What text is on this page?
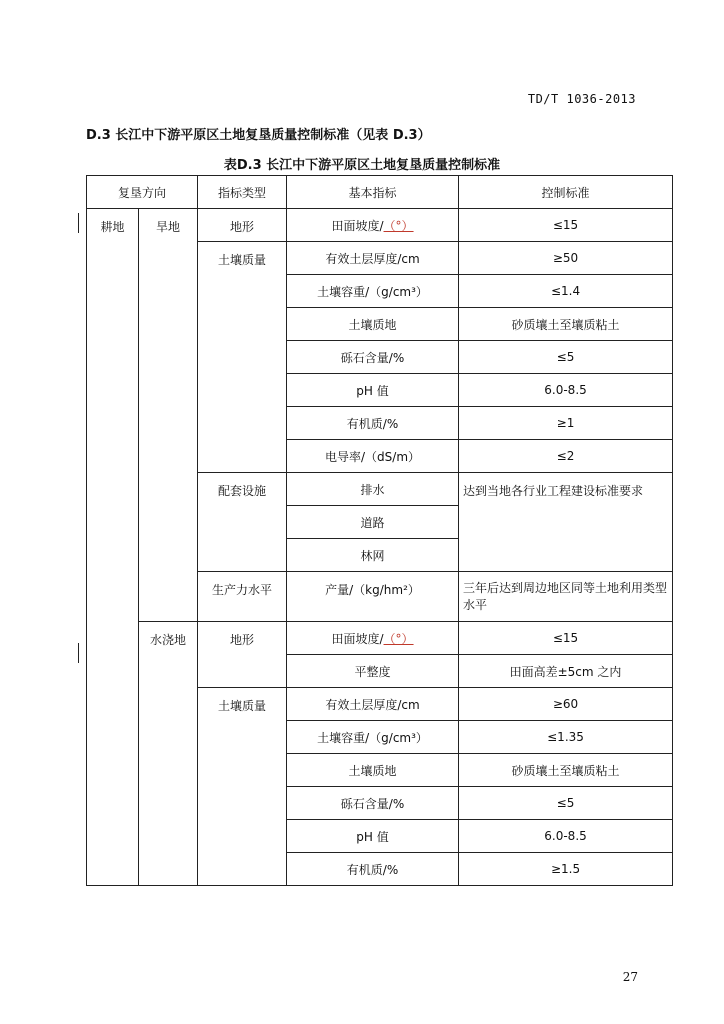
TD/T 1036-2013
D.3 长江中下游平原区土地复垦质量控制标准（见表 D.3）
表D.3 长江中下游平原区土地复垦质量控制标准
复垦方向		指标类型	基本指标	控制标准
耕地	旱地	地形	田面坡度/（°）	≤15
		土壤质量	有效土层厚度/cm	≥50
			土壤容重/（g/cm³）	≤1.4
			土壤质地	砂质壤土至壤质粘土
			砾石含量/%	≤5
			pH 值	6.0-8.5
			有机质/%	≥1
			电导率/（dS/m）	≤2
		配套设施	排水	达到当地各行业工程建设标准要求
			道路	
			林网	
		生产力水平	产量/（kg/hm²）	三年后达到周边地区同等土地利用类型水平

	水浇地	地形	田面坡度/（°）	≤15
			平整度	田面高差±5cm 之内
		土壤质量	有效土层厚度/cm	≥60
			土壤容重/（g/cm³）	≤1.35
			土壤质地	砂质壤土至壤质粘土
			砾石含量/%	≤5
			pH 值	6.0-8.5
			有机质/%	≥1.5
27
